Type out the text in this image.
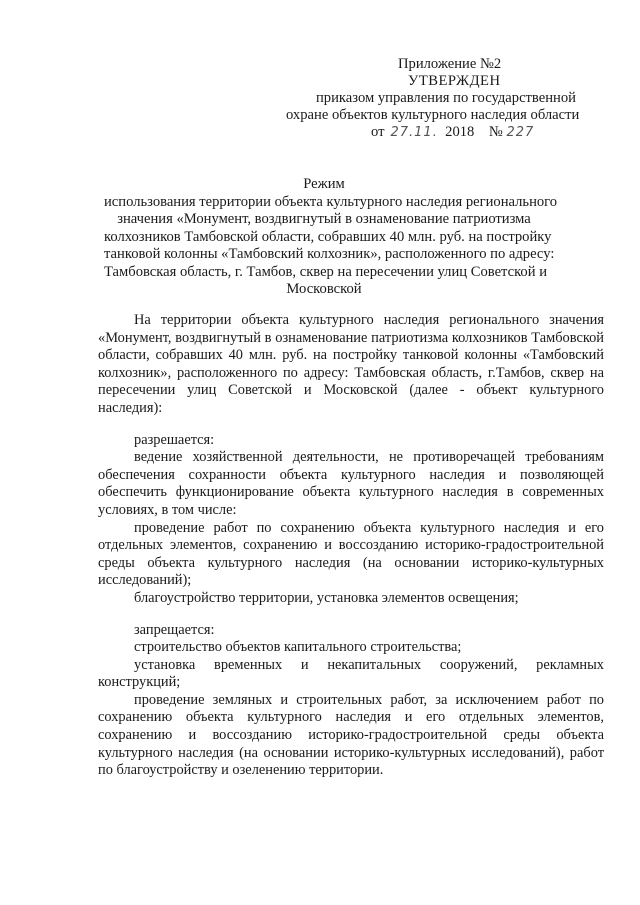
Приложение №2
УТВЕРЖДЕН
приказом управления по государственной
охране объектов культурного наследия области
от 27.11. 2018 № 227
Режим
использования территории объекта культурного наследия регионального
значения «Монумент, воздвигнутый в ознаменование патриотизма
колхозников Тамбовской области, собравших 40 млн. руб. на постройку
танковой колонны «Тамбовский колхозник», расположенного по адресу:
Тамбовская область, г. Тамбов, сквер на пересечении улиц Советской и
Московской
На территории объекта культурного наследия регионального значения «Монумент, воздвигнутый в ознаменование патриотизма колхозников Тамбовской области, собравших 40 млн. руб. на постройку танковой колонны «Тамбовский колхозник», расположенного по адресу: Тамбовская область, г.Тамбов, сквер на пересечении улиц Советской и Московской (далее - объект культурного наследия):
разрешается:
ведение хозяйственной деятельности, не противоречащей требованиям обеспечения сохранности объекта культурного наследия и позволяющей обеспечить функционирование объекта культурного наследия в современных условиях, в том числе:
проведение работ по сохранению объекта культурного наследия и его отдельных элементов, сохранению и воссозданию историко-градостроительной среды объекта культурного наследия (на основании историко-культурных исследований);
благоустройство территории, установка элементов освещения;
запрещается:
строительство объектов капитального строительства;
установка временных и некапитальных сооружений, рекламных конструкций;
проведение земляных и строительных работ, за исключением работ по сохранению объекта культурного наследия и его отдельных элементов, сохранению и воссозданию историко-градостроительной среды объекта культурного наследия (на основании историко-культурных исследований), работ по благоустройству и озеленению территории.
